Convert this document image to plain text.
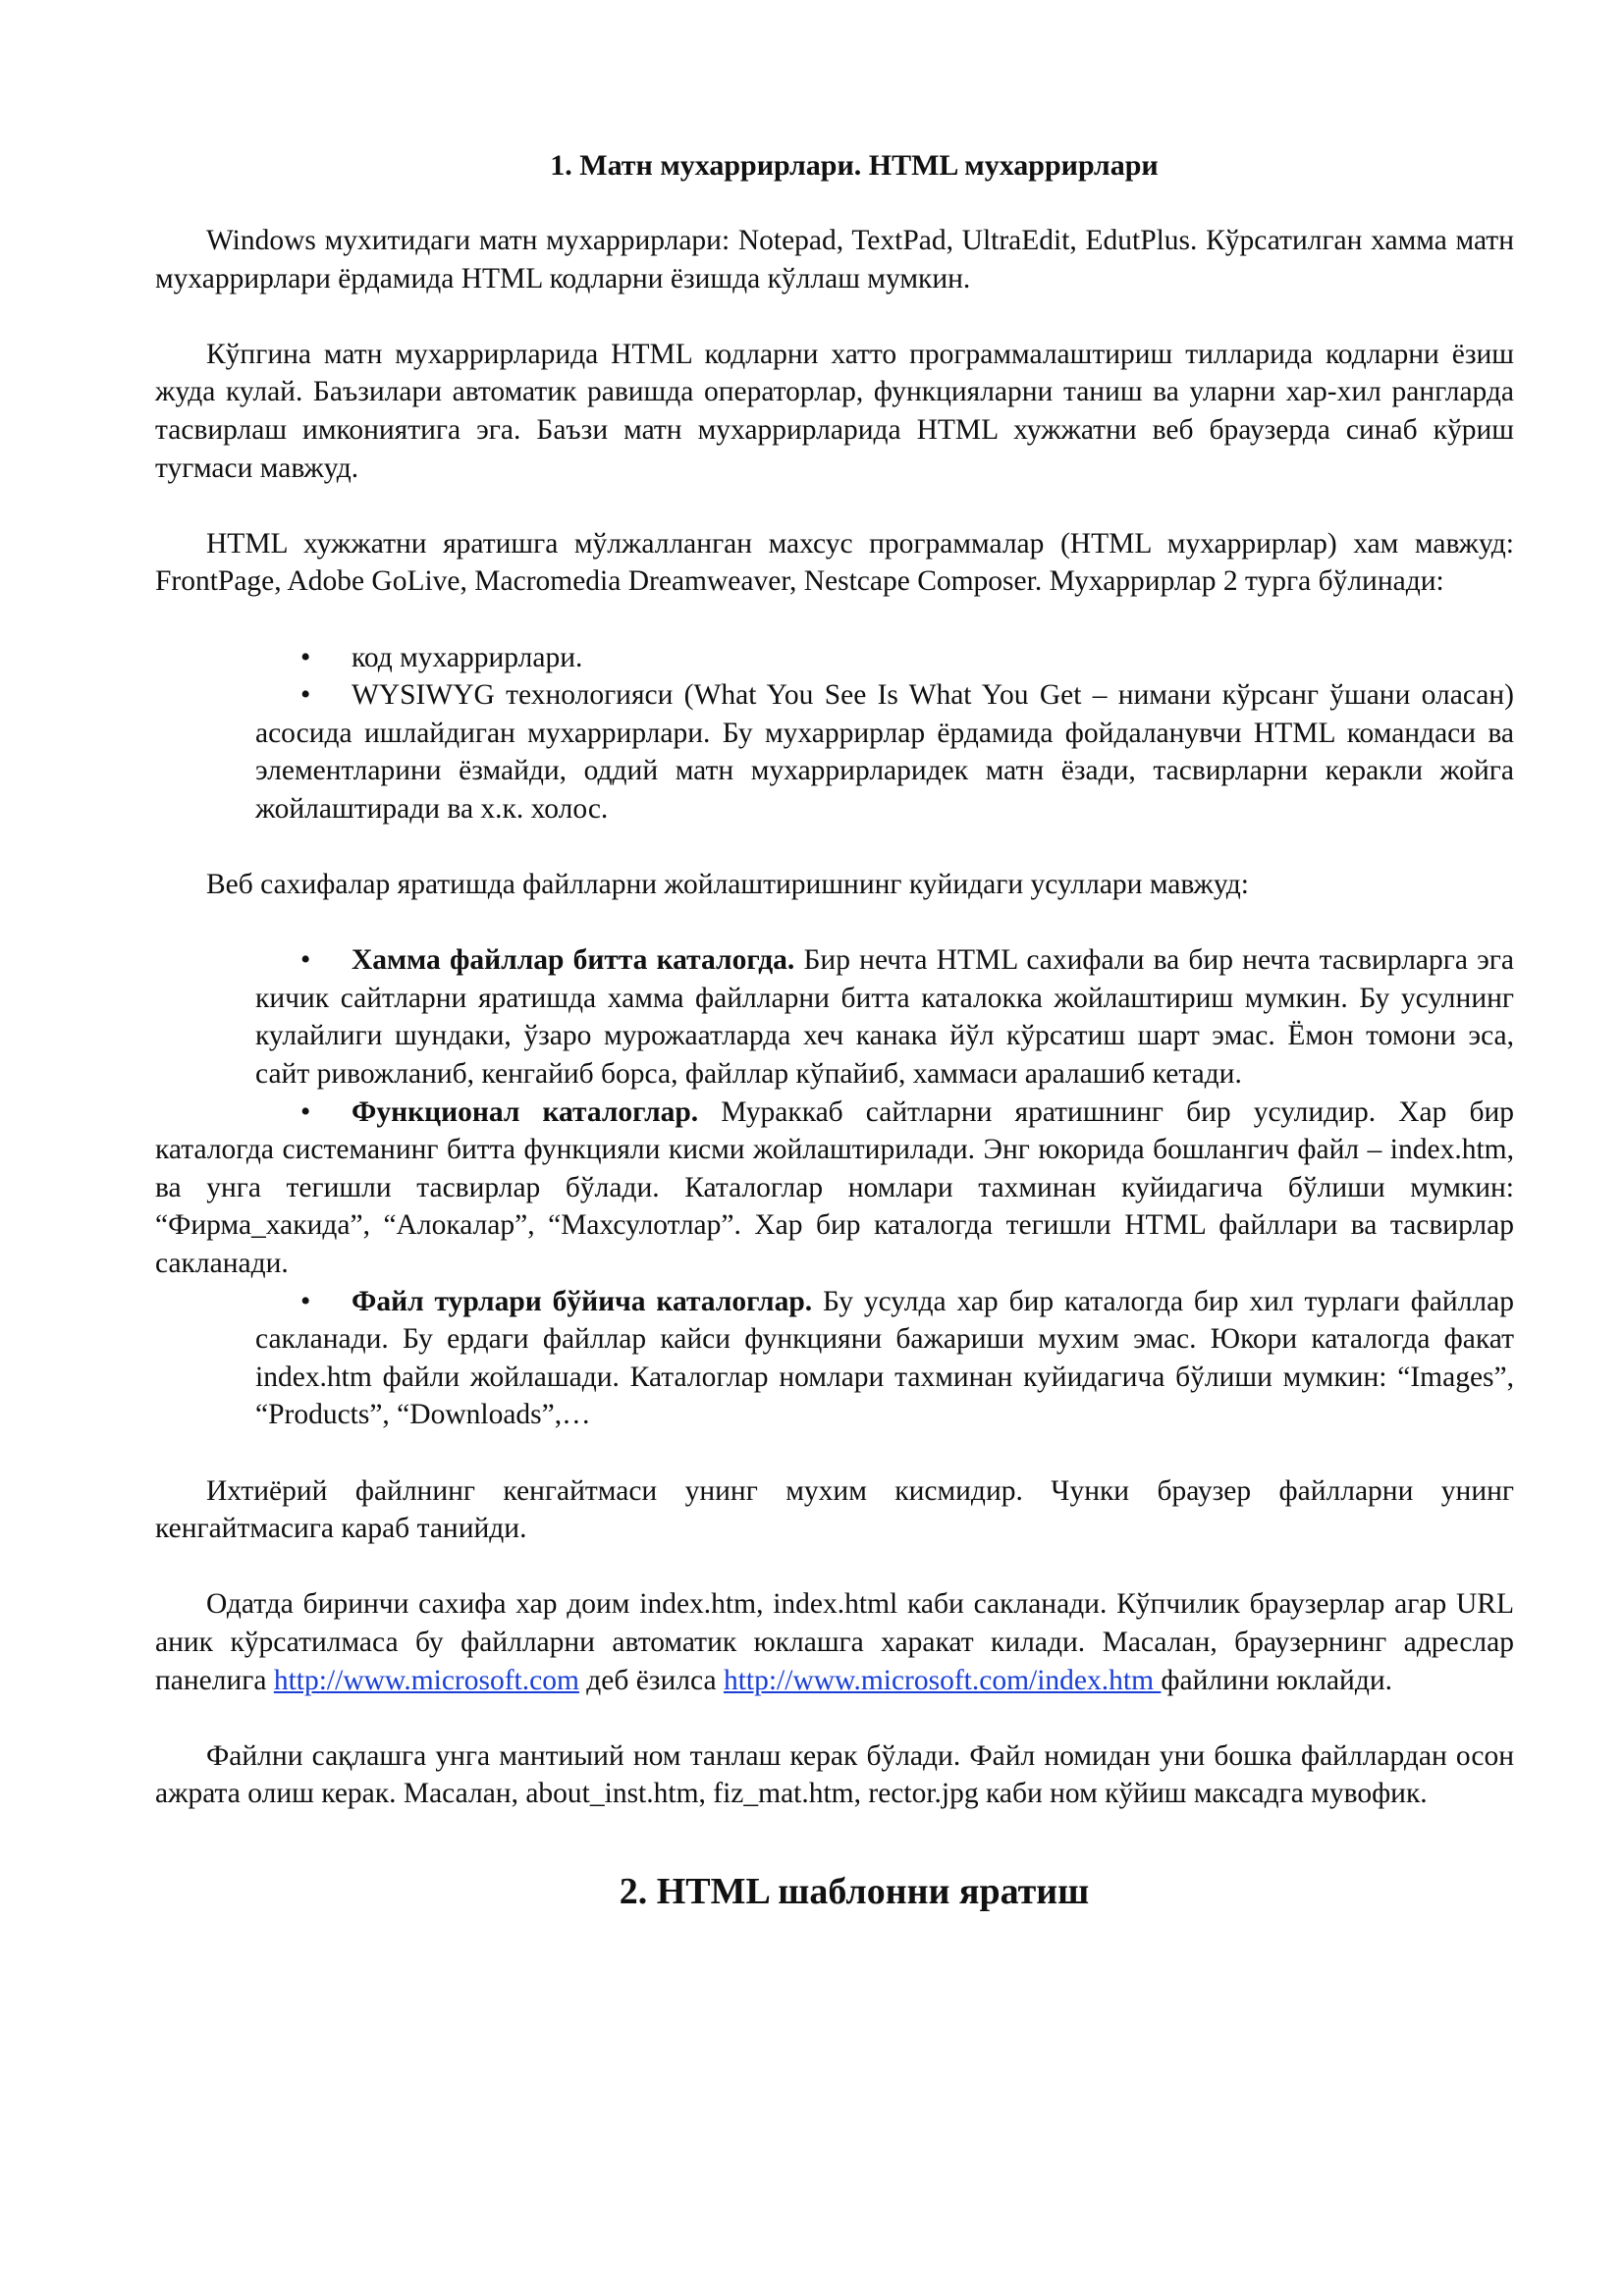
1. Матн мухаррирлари. HTML мухаррирлари

Windows мухитидаги матн мухаррирлари: Notepad, TextPad, UltraEdit, EdutPlus. Кўрсатилган хамма матн мухаррирлари ёрдамида HTML кодларни ёзишда кўллаш мумкин.

Кўпгина матн мухаррирларида HTML кодларни хатто программалаштириш тилларида кодларни ёзиш жуда кулай. Баъзилари автоматик равишда операторлар, функцияларни таниш ва уларни хар-хил рангларда тасвирлаш имкониятига эга. Баъзи матн мухаррирларида HTML хужжатни веб браузерда синаб кўриш тугмаси мавжуд.

HTML хужжатни яратишга мўлжалланган махсус программалар (HTML мухаррирлар) хам мавжуд: FrontPage, Adobe GoLive, Macromedia Dreamweaver, Nestcape Composer. Мухаррирлар 2 турга бўлинади:

• код мухаррирлари.
• WYSIWYG технологияси (What You See Is What You Get – нимани кўрсанг ўшани оласан) асосида ишлайдиган мухаррирлари. Бу мухаррирлар ёрдамида фойдаланувчи HTML командаси ва элементларини ёзмайди, оддий матн мухаррирларидек матн ёзади, тасвирларни керакли жойга жойлаштиради ва х.к. холос.

Веб сахифалар яратишда файлларни жойлаштиришнинг куйидаги усуллари мавжуд:

• Хамма файллар битта каталогда. Бир нечта HTML сахифали ва бир нечта тасвирларга эга кичик сайтларни яратишда хамма файлларни битта каталокка жойлаштириш мумкин. Бу усулнинг кулайлиги шундаки, ўзаро мурожаатларда хеч канака йўл кўрсатиш шарт эмас. Ёмон томони эса, сайт ривожланиб, кенгайиб борса, файллар кўпайиб, хаммаси аралашиб кетади.
• Функционал каталоглар. Мураккаб сайтларни яратишнинг бир усулидир. Хар бир каталогда системанинг битта функцияли кисми жойлаштирилади. Энг юкорида бошлангич файл – index.htm, ва унга тегишли тасвирлар бўлади. Каталоглар номлари тахминан куйидагича бўлиши мумкин: “Фирма_хакида”, “Алокалар”, “Махсулотлар”. Хар бир каталогда тегишли HTML файллари ва тасвирлар сакланади.
• Файл турлари бўйича каталоглар. Бу усулда хар бир каталогда бир хил турлаги файллар сакланади. Бу ердаги файллар кайси функцияни бажариши мухим эмас. Юкори каталогда факат index.htm файли жойлашади. Каталоглар номлари тахминан куйидагича бўлиши мумкин: “Images”, “Products”, “Downloads”,…

Ихтиёрий файлнинг кенгайтмаси унинг мухим кисмидир. Чунки браузер файлларни унинг кенгайтмасига караб танийди.

Одатда биринчи сахифа хар доим index.htm, index.html каби сакланади. Кўпчилик браузерлар агар URL аник кўрсатилмаса бу файлларни автоматик юклашга харакат килади. Масалан, браузернинг адреслар панелига http://www.microsoft.com деб ёзилса http://www.microsoft.com/index.htm файлини юклайди.

Файлни сақлашга унга мантиыий ном танлаш керак бўлади. Файл номидан уни бошка файллардан осон ажрата олиш керак. Масалан, about_inst.htm, fiz_mat.htm, rector.jpg каби ном кўйиш максадга мувофик.

2. HTML шаблонни яратиш
